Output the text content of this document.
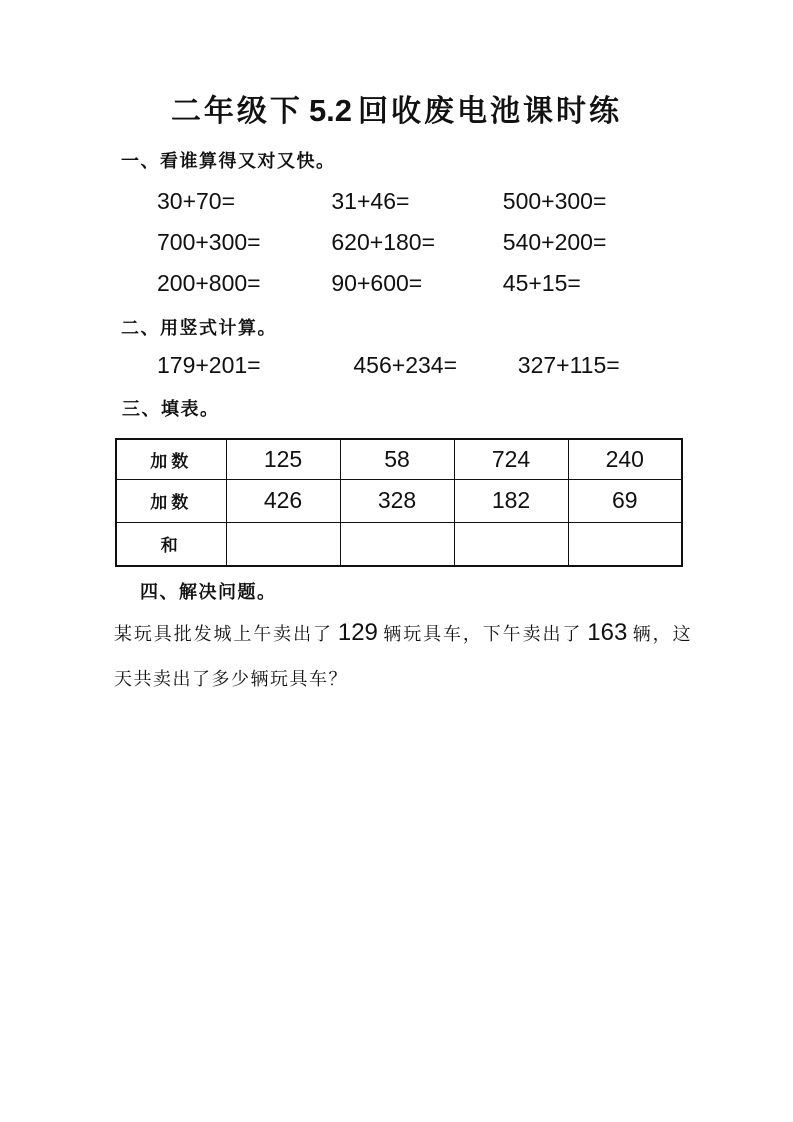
二年级下 5.2 回收废电池课时练
一、看谁算得又对又快。
30+70=	31+46=	500+300=
700+300=	620+180=	540+200=
200+800=	90+600=	45+15=
二、用竖式计算。
179+201=	456+234=	327+115=
三、填表。
加数	125	58	724	240
加数	426	328	182	69
和				
四、解决问题。

某玩具批发城上午卖出了 129 辆玩具车，下午卖出了 163 辆，这天共卖出了多少辆玩具车？
